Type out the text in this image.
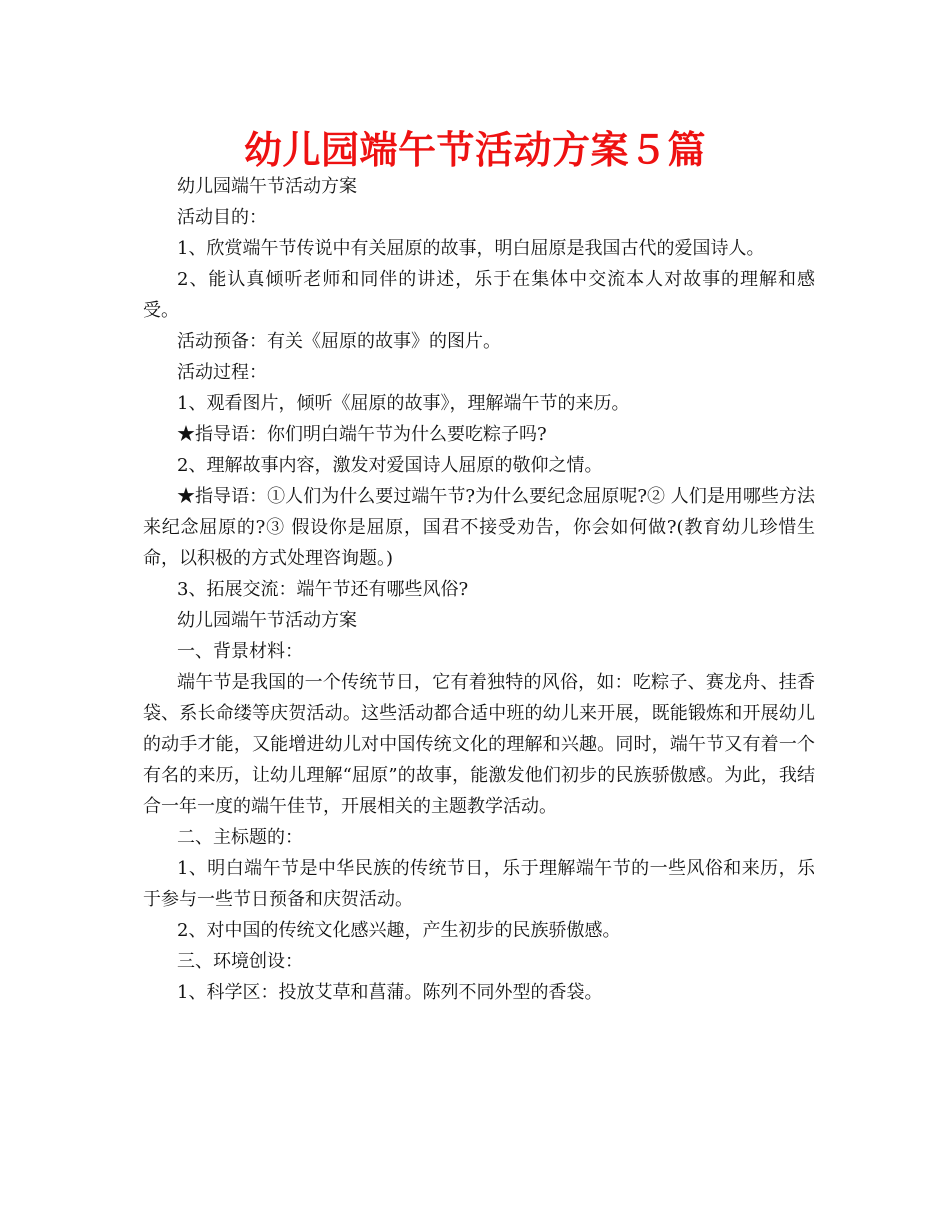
幼儿园端午节活动方案５篇

幼儿园端午节活动方案

活动目的：

1、欣赏端午节传说中有关屈原的故事，明白屈原是我国古代的爱国诗人。

2、能认真倾听老师和同伴的讲述，乐于在集体中交流本人对故事的理解和感受。

活动预备：有关《屈原的故事》的图片。

活动过程：

1、观看图片，倾听《屈原的故事》，理解端午节的来历。

★指导语：你们明白端午节为什么要吃粽子吗?

2、理解故事内容，激发对爱国诗人屈原的敬仰之情。

★指导语：①人们为什么要过端午节?为什么要纪念屈原呢?② 人们是用哪些方法来纪念屈原的?③ 假设你是屈原，国君不接受劝告，你会如何做?(教育幼儿珍惜生命，以积极的方式处理咨询题。)

3、拓展交流：端午节还有哪些风俗?

幼儿园端午节活动方案

一、背景材料：

端午节是我国的一个传统节日，它有着独特的风俗，如：吃粽子、赛龙舟、挂香袋、系长命缕等庆贺活动。这些活动都合适中班的幼儿来开展，既能锻炼和开展幼儿的动手才能，又能增进幼儿对中国传统文化的理解和兴趣。同时，端午节又有着一个有名的来历，让幼儿理解“屈原”的故事，能激发他们初步的民族骄傲感。为此，我结合一年一度的端午佳节，开展相关的主题教学活动。

二、主标题的：

1、明白端午节是中华民族的传统节日，乐于理解端午节的一些风俗和来历，乐于参与一些节日预备和庆贺活动。

2、对中国的传统文化感兴趣，产生初步的民族骄傲感。

三、环境创设：

1、科学区：投放艾草和菖蒲。陈列不同外型的香袋。
